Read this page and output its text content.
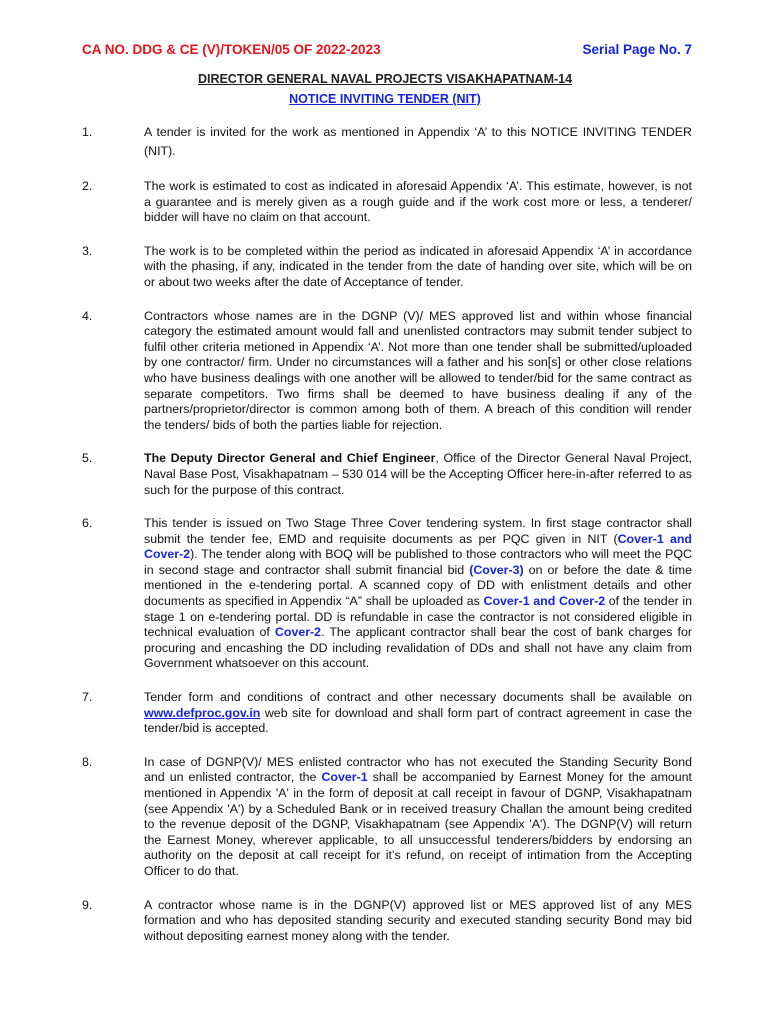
CA NO. DDG & CE (V)/TOKEN/05 OF 2022-2023	Serial Page No. 7
DIRECTOR GENERAL NAVAL PROJECTS VISAKHAPATNAM-14
NOTICE INVITING TENDER (NIT)
1.	A tender is invited for the work as mentioned in Appendix ‘A’ to this NOTICE INVITING TENDER (NIT).
2.	The work is estimated to cost as indicated in aforesaid Appendix ‘A’. This estimate, however, is not a guarantee and is merely given as a rough guide and if the work cost more or less, a tenderer/ bidder will have no claim on that account.
3.	The work is to be completed within the period as indicated in aforesaid Appendix ‘A’ in accordance with the phasing, if any, indicated in the tender from the date of handing over site, which will be on or about two weeks after the date of Acceptance of tender.
4.	Contractors whose names are in the DGNP (V)/ MES approved list and within whose financial category the estimated amount would fall and unenlisted contractors may submit tender subject to fulfil other criteria metioned in Appendix ‘A’. Not more than one tender shall be submitted/uploaded by one contractor/ firm. Under no circumstances will a father and his son[s] or other close relations who have business dealings with one another will be allowed to tender/bid for the same contract as separate competitors. Two firms shall be deemed to have business dealing if any of the partners/proprietor/director is common among both of them. A breach of this condition will render the tenders/ bids of both the parties liable for rejection.
5.	The Deputy Director General and Chief Engineer, Office of the Director General Naval Project, Naval Base Post, Visakhapatnam – 530 014 will be the Accepting Officer here-in-after referred to as such for the purpose of this contract.
6.	This tender is issued on Two Stage Three Cover tendering system. In first stage contractor shall submit the tender fee, EMD and requisite documents as per PQC given in NIT (Cover-1 and Cover-2). The tender along with BOQ will be published to those contractors who will meet the PQC in second stage and contractor shall submit financial bid (Cover-3) on or before the date & time mentioned in the e-tendering portal. A scanned copy of DD with enlistment details and other documents as specified in Appendix “A” shall be uploaded as Cover-1 and Cover-2 of the tender in stage 1 on e-tendering portal. DD is refundable in case the contractor is not considered eligible in technical evaluation of Cover-2. The applicant contractor shall bear the cost of bank charges for procuring and encashing the DD including revalidation of DDs and shall not have any claim from Government whatsoever on this account.
7.	Tender form and conditions of contract and other necessary documents shall be available on www.defproc.gov.in web site for download and shall form part of contract agreement in case the tender/bid is accepted.
8.	In case of DGNP(V)/ MES enlisted contractor who has not executed the Standing Security Bond and un enlisted contractor, the Cover-1 shall be accompanied by Earnest Money for the amount mentioned in Appendix 'A' in the form of deposit at call receipt in favour of DGNP, Visakhapatnam (see Appendix 'A') by a Scheduled Bank or in received treasury Challan the amount being credited to the revenue deposit of the DGNP, Visakhapatnam (see Appendix 'A'). The DGNP(V) will return the Earnest Money, wherever applicable, to all unsuccessful tenderers/bidders by endorsing an authority on the deposit at call receipt for it’s refund, on receipt of intimation from the Accepting Officer to do that.
9.	A contractor whose name is in the DGNP(V) approved list or MES approved list of any MES formation and who has deposited standing security and executed standing security Bond may bid without depositing earnest money along with the tender.
